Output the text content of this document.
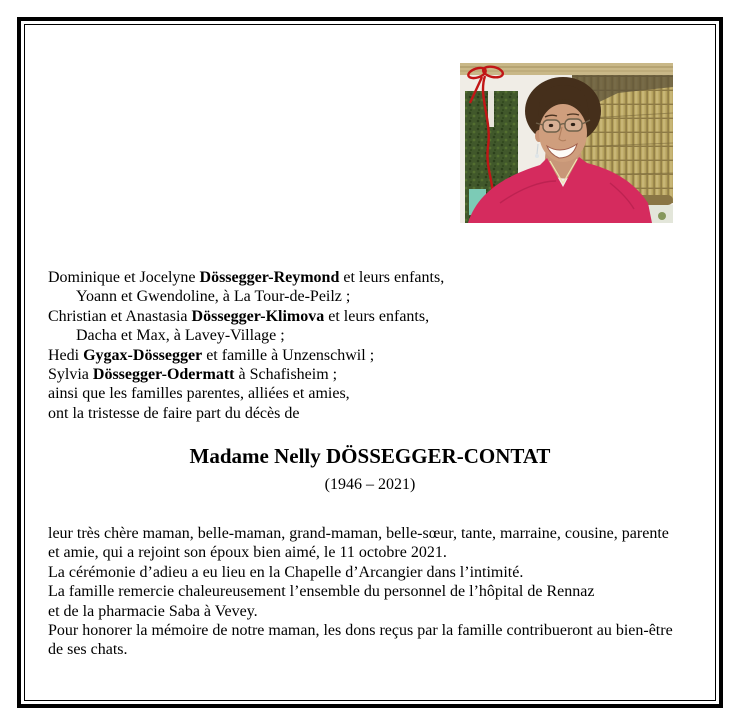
Dominique et Jocelyne Dössegger-Reymond et leurs enfants,
Yoann et Gwendoline, à La Tour-de-Peilz ;
Christian et Anastasia Dössegger-Klimova et leurs enfants,
Dacha et Max, à Lavey-Village ;
Hedi Gygax-Dössegger et famille à Unzenschwil ;
Sylvia Dössegger-Odermatt à Schafisheim ;
ainsi que les familles parentes, alliées et amies,
ont la tristesse de faire part du décès de
Madame Nelly DÖSSEGGER-CONTAT
(1946 – 2021)
leur très chère maman, belle-maman, grand-maman, belle-sœur, tante, marraine, cousine, parente
et amie, qui a rejoint son époux bien aimé, le 11 octobre 2021.
La cérémonie d’adieu a eu lieu en la Chapelle d’Arcangier dans l’intimité.
La famille remercie chaleureusement l’ensemble du personnel de l’hôpital de Rennaz
et de la pharmacie Saba à Vevey.
Pour honorer la mémoire de notre maman, les dons reçus par la famille contribueront au bien-être
de ses chats.
